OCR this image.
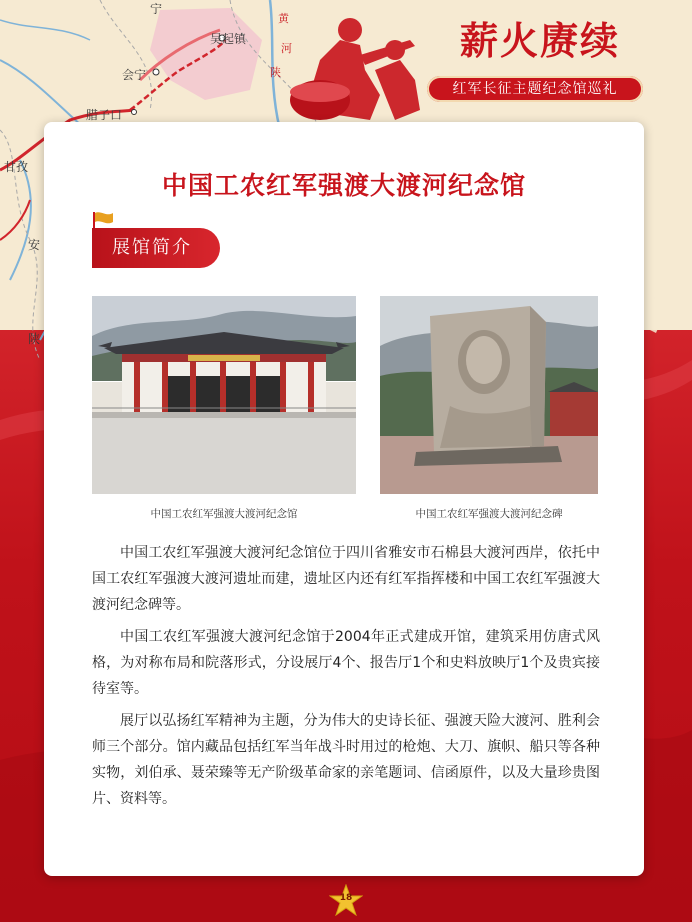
宁
吴起镇
会宁
黄
河
陕
腊子口
甘孜
安
陕
薪火赓续
红军长征主题纪念馆巡礼
中国工农红军强渡大渡河纪念馆
展馆简介
中国工农红军强渡大渡河纪念馆	中国工农红军强渡大渡河纪念碑

中国工农红军强渡大渡河纪念馆位于四川省雅安市石棉县大渡河西岸，依托中国工农红军强渡大渡河遗址而建，遗址区内还有红军指挥楼和中国工农红军强渡大渡河纪念碑等。

中国工农红军强渡大渡河纪念馆于2004年正式建成开馆，建筑采用仿唐式风格，为对称布局和院落形式，分设展厅4个、报告厅1个和史料放映厅1个及贵宾接待室等。

展厅以弘扬红军精神为主题，分为伟大的史诗长征、强渡天险大渡河、胜利会师三个部分。馆内藏品包括红军当年战斗时用过的枪炮、大刀、旗帜、船只等各种实物，刘伯承、聂荣臻等无产阶级革命家的亲笔题词、信函原件，以及大量珍贵图片、资料等。

18
